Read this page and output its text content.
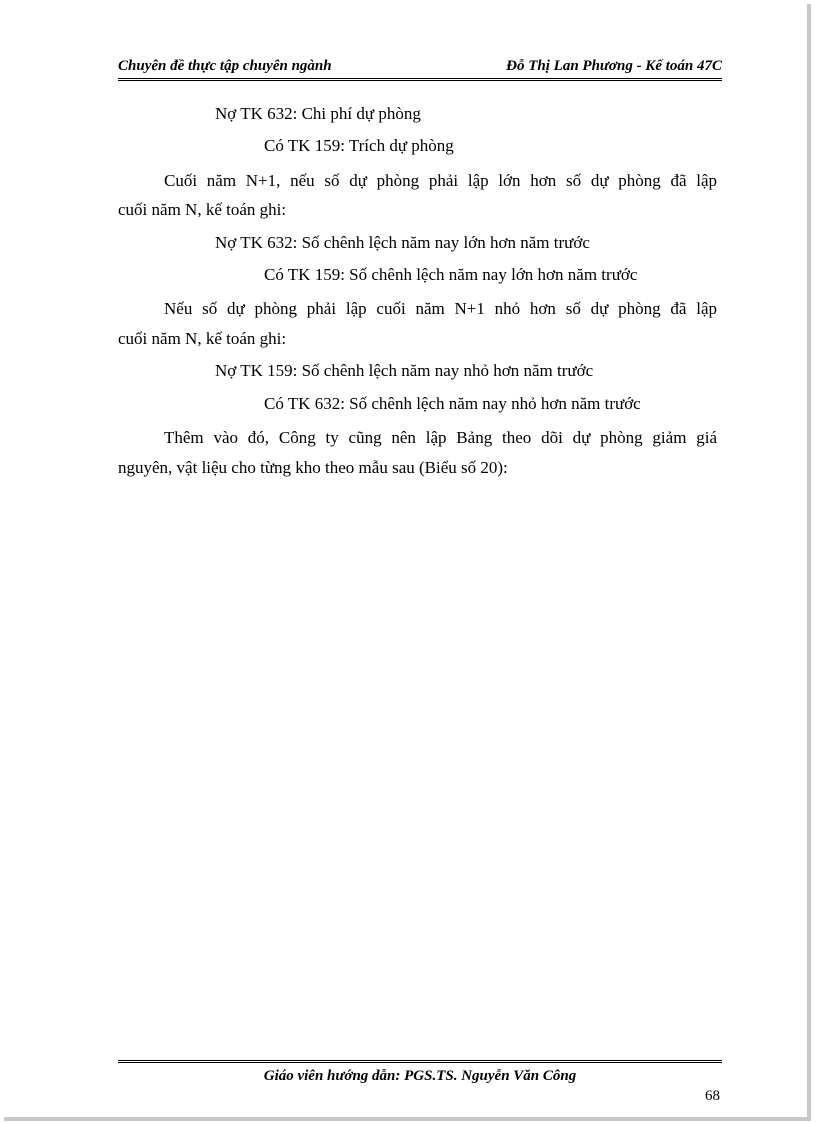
Chuyên đề thực tập chuyên ngành	Đỗ Thị Lan Phương - Kế toán 47C
Nợ TK 632: Chi phí dự phòng
Có TK 159: Trích dự phòng
Cuối năm N+1, nếu số dự phòng phải lập lớn hơn số dự phòng đã lập
cuối năm N, kế toán ghi:
Nợ TK 632: Số chênh lệch năm nay lớn hơn năm trước
Có TK 159: Số chênh lệch năm nay lớn hơn năm trước
Nếu số dự phòng phải lập cuối năm N+1 nhỏ hơn số dự phòng đã lập
cuối năm N, kế toán ghi:
Nợ TK 159: Số chênh lệch năm nay nhỏ hơn năm trước
Có TK 632: Số chênh lệch năm nay nhỏ hơn năm trước
Thêm vào đó, Công ty cũng nên lập Bảng theo dõi dự phòng giảm giá
nguyên, vật liệu cho từng kho theo mẫu sau (Biểu số 20):
Giáo viên hướng dẫn: PGS.TS. Nguyễn Văn Công
68
